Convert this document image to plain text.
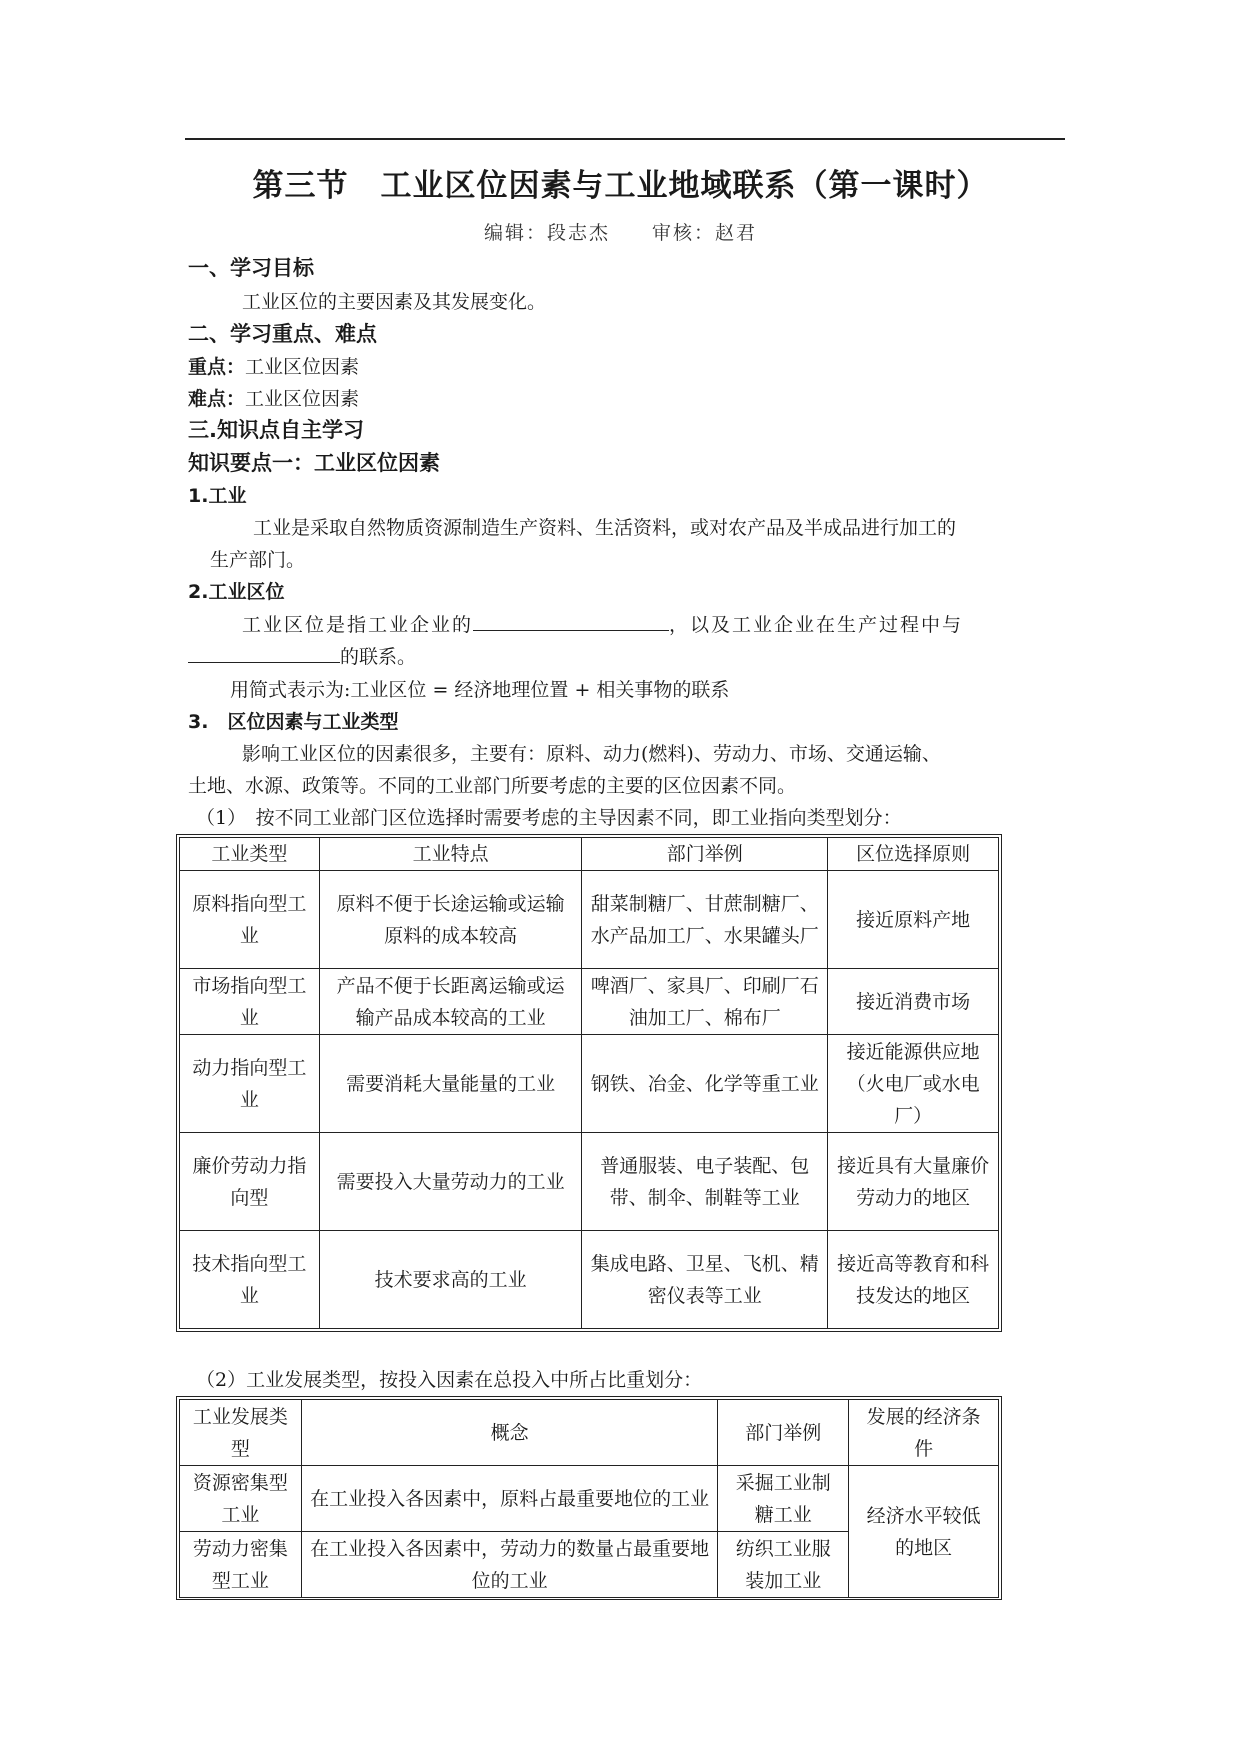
第三节　工业区位因素与工业地域联系（第一课时）
编辑：段志杰　　审核：赵君
一、学习目标
工业区位的主要因素及其发展变化。
二、学习重点、难点
重点：工业区位因素
难点：工业区位因素
三.知识点自主学习
知识要点一：工业区位因素
1.工业
工业是采取自然物质资源制造生产资料、生活资料，或对农产品及半成品进行加工的
生产部门。
2.工业区位
工业区位是指工业企业的	，以及工业企业在生产过程中与
的联系。
用简式表示为:工业区位 = 经济地理位置 + 相关事物的联系
3.　区位因素与工业类型
影响工业区位的因素很多，主要有：原料、动力(燃料)、劳动力、市场、交通运输、
土地、水源、政策等。不同的工业部门所要考虑的主要的区位因素不同。
（1）　按不同工业部门区位选择时需要考虑的主导因素不同，即工业指向类型划分：
工业类型	工业特点	部门举例	区位选择原则
原料指向型工业	原料不便于长途运输或运输原料的成本较高	甜菜制糖厂、甘蔗制糖厂、水产品加工厂、水果罐头厂	接近原料产地
市场指向型工业	产品不便于长距离运输或运输产品成本较高的工业	啤酒厂、家具厂、印刷厂石油加工厂、棉布厂	接近消费市场
动力指向型工业	需要消耗大量能量的工业	钢铁、冶金、化学等重工业	接近能源供应地（火电厂或水电厂）
廉价劳动力指向型	需要投入大量劳动力的工业	普通服装、电子装配、包带、制伞、制鞋等工业	接近具有大量廉价劳动力的地区
技术指向型工业	技术要求高的工业	集成电路、卫星、飞机、精密仪表等工业	接近高等教育和科技发达的地区
（2）工业发展类型，按投入因素在总投入中所占比重划分：
工业发展类型	概念	部门举例	发展的经济条件
资源密集型工业	在工业投入各因素中，原料占最重要地位的工业	采掘工业制糖工业	经济水平较低的地区
劳动力密集型工业	在工业投入各因素中，劳动力的数量占最重要地位的工业	纺织工业服装加工业	
